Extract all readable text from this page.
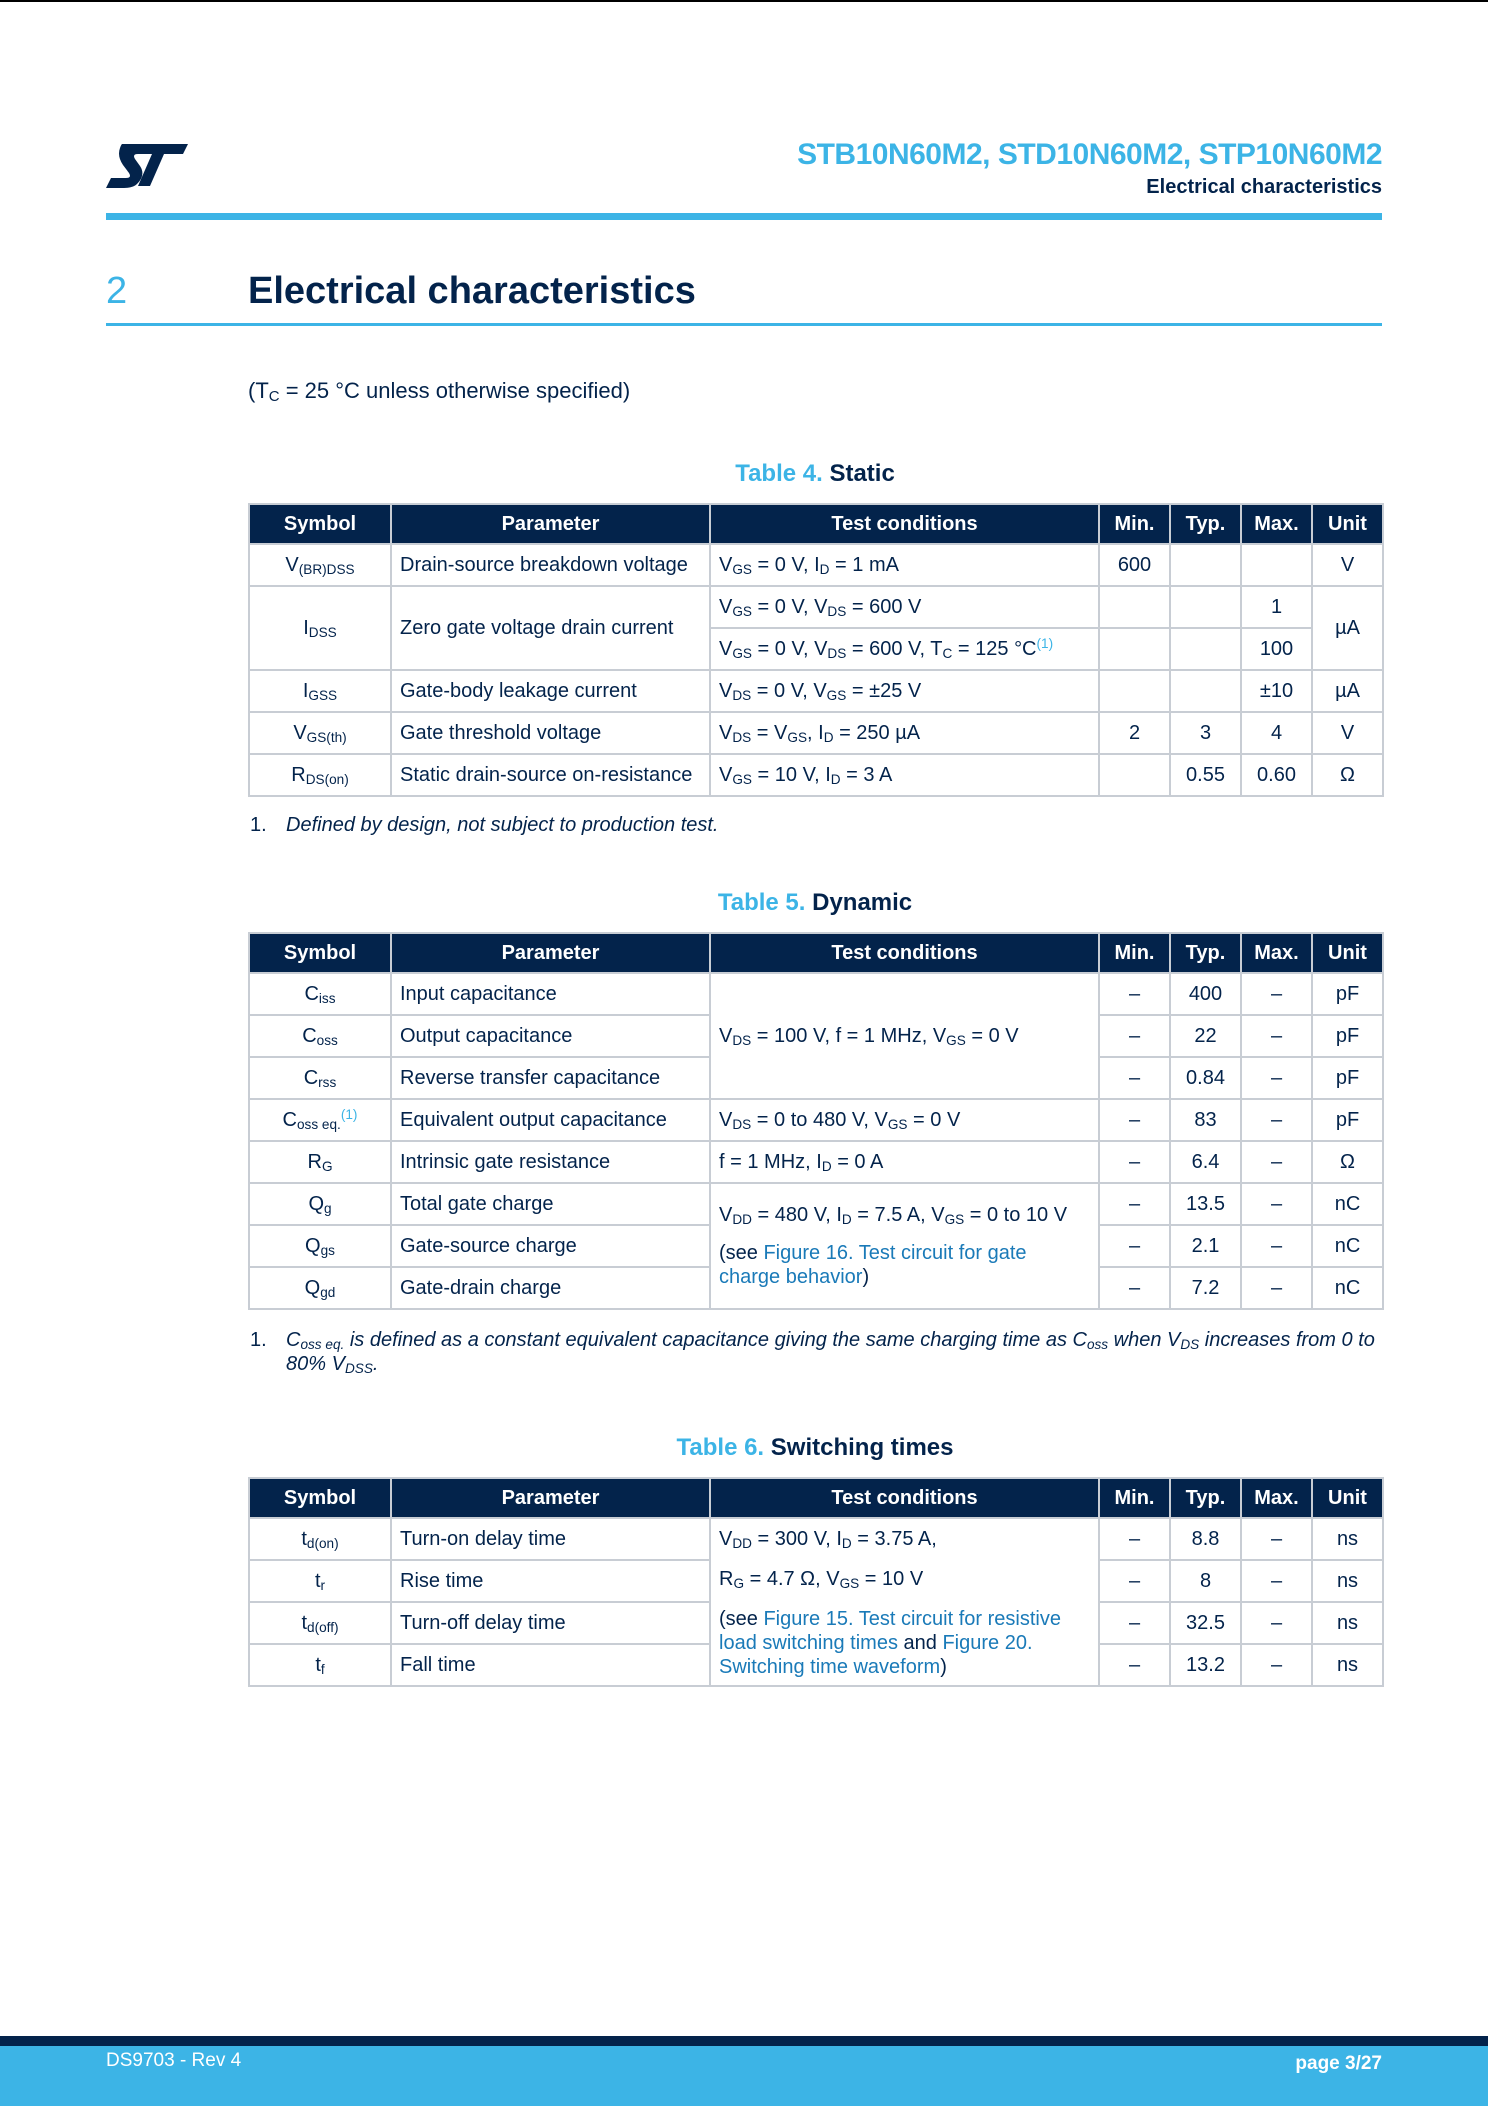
STB10N60M2, STD10N60M2, STP10N60M2
Electrical characteristics
2	Electrical characteristics
($T_C = 25$ °C unless otherwise specified)
Table 4. Static
Symbol	Parameter	Test conditions	Min.	Typ.	Max.	Unit
$V_{(BR)DSS}$	Drain-source breakdown voltage	$V_{GS} = 0$ V, $I_D = 1$ mA	600			V
$I_{DSS}$	Zero gate voltage drain current	$V_{GS} = 0$ V, $V_{DS} = 600$ V			1	µA
		$V_{GS} = 0$ V, $V_{DS} = 600$ V, $T_C = 125$ $^\circ C^{(1)}$			100	
$I_{GSS}$	Gate-body leakage current	$V_{DS} = 0$ V, $V_{GS} = \pm 25$ V			±10	µA
$V_{GS(th)}$	Gate threshold voltage	$V_{DS} = V_{GS}$, $I_D = 250$ µA	2	3	4	V
$R_{DS(on)}$	Static drain-source on-resistance	$V_{GS} = 10$ V, $I_D = 3$ A		0.55	0.60	Ω
1. Defined by design, not subject to production test.
Table 5. Dynamic
Symbol	Parameter	Test conditions	Min.	Typ.	Max.	Unit
$C_{iss}$	Input capacitance	$V_{DS} = 100$ V, f = 1 MHz, $V_{GS} = 0$ V	–	400	–	pF
$C_{oss}$	Output capacitance		–	22	–	pF
$C_{rss}$	Reverse transfer capacitance		–	0.84	–	pF
$C_{oss eq.}^{(1)}$	Equivalent output capacitance	$V_{DS} = 0$ to 480 V, $V_{GS} = 0$ V	–	83	–	pF
$R_G$	Intrinsic gate resistance	f = 1 MHz, $I_D = 0$ A	–	6.4	–	Ω
$Q_g$	Total gate charge	$V_{DD} = 480$ V, $I_D = 7.5$ A, $V_{GS} = 0$ to 10 V
(see Figure 16. Test circuit for gate charge behavior)	–	13.5	–	nC
$Q_{gs}$	Gate-source charge		–	2.1	–	nC
$Q_{gd}$	Gate-drain charge		–	7.2	–	nC
1. $C_{oss eq.}$ is defined as a constant equivalent capacitance giving the same charging time as $C_{oss}$ when $V_{DS}$ increases from 0 to 80% $V_{DSS}$.
Table 6. Switching times
Symbol	Parameter	Test conditions	Min.	Typ.	Max.	Unit
$t_{d(on)}$	Turn-on delay time	$V_{DD} = 300$ V, $I_D = 3.75$ A,
$R_G = 4.7$ Ω, $V_{GS} = 10$ V
(see Figure 15. Test circuit for resistive load switching times and Figure 20. Switching time waveform)	–	8.8	–	ns
$t_r$	Rise time		–	8	–	ns
$t_{d(off)}$	Turn-off delay time		–	32.5	–	ns
$t_f$	Fall time		–	13.2	–	ns
DS9703 - Rev 4	page 3/27
